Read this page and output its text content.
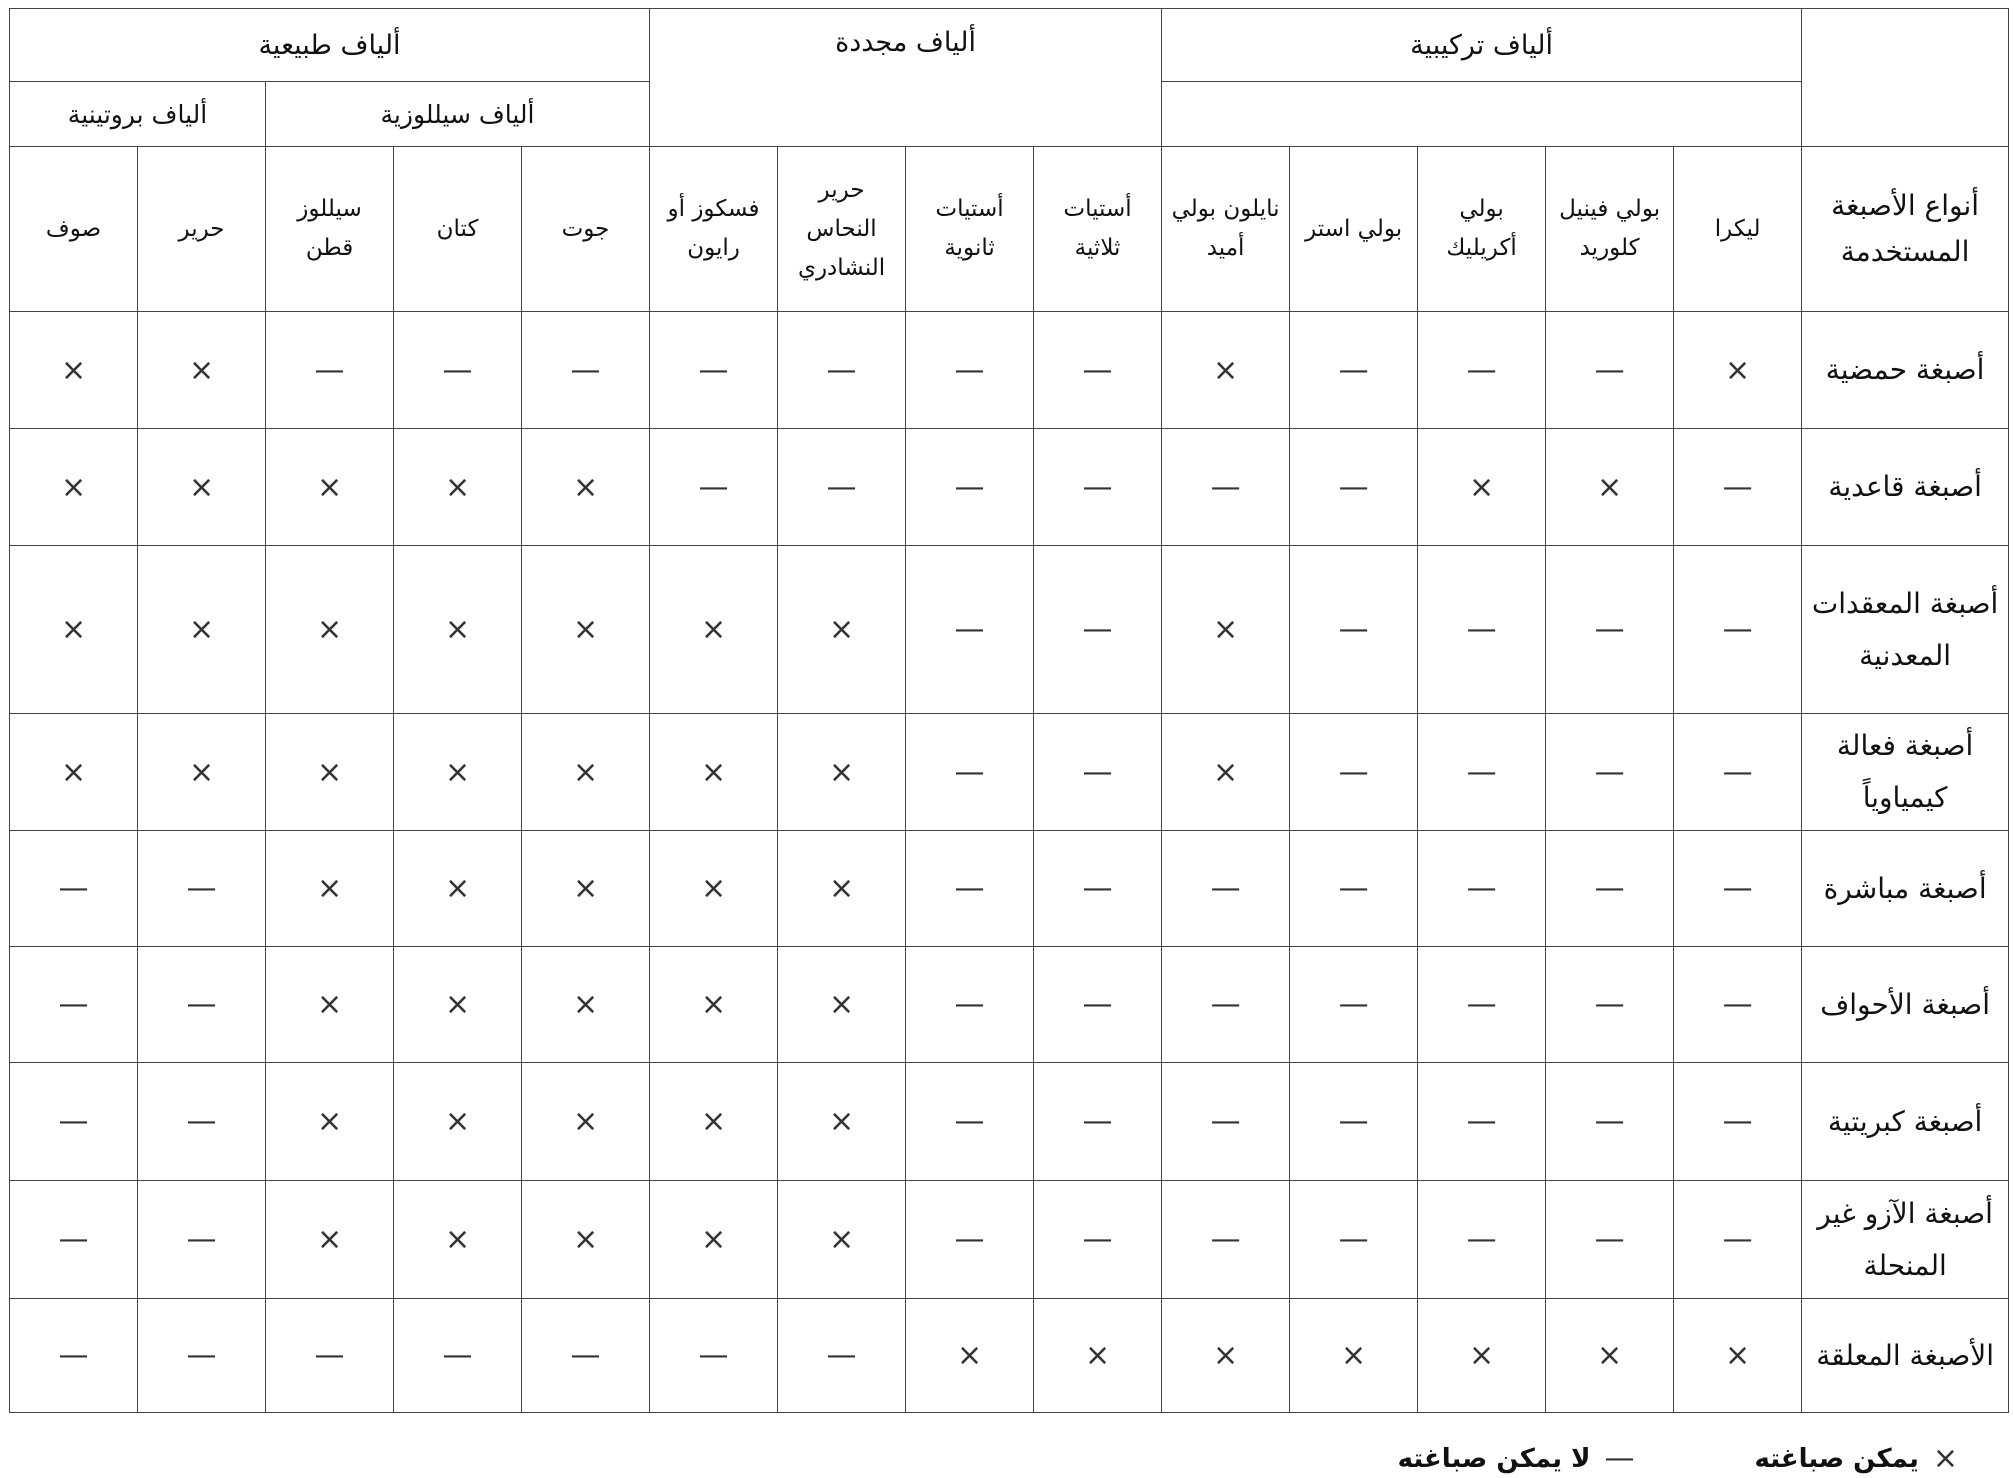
	ألياف تركيبية					ألياف مجددة				ألياف طبيعية				
										ألياف سيللوزية			ألياف بروتينية	
أنواع الأصبغة المستخدمة	ليكرا	بولي فينيل كلوريد	بولي أكريليك	بولي استر	نايلون بولي أميد	أستيات ثلاثية	أستيات ثانوية	حرير النحاس النشادري	فسكوز أو رايون	جوت	كتان	سيللوز قطن	حرير	صوف
أصبغة حمضية	×	—	—	—	×	—	—	—	—	—	—	—	×	×
أصبغة قاعدية	—	×	×	—	—	—	—	—	—	×	×	×	×	×
أصبغة المعقدات المعدنية	—	—	—	—	×	—	—	×	×	×	×	×	×	×
أصبغة فعالة كيمياوياً	—	—	—	—	×	—	—	×	×	×	×	×	×	×
أصبغة مباشرة	—	—	—	—	—	—	—	×	×	×	×	×	—	—
أصبغة الأحواف	—	—	—	—	—	—	—	×	×	×	×	×	—	—
أصبغة كبريتية	—	—	—	—	—	—	—	×	×	×	×	×	—	—
أصبغة الآزو غير المنحلة	—	—	—	—	—	—	—	×	×	×	×	×	—	—
الأصبغة المعلقة	×	×	×	×	×	×	×	—	—	—	—	—	—	—
×
يمكن صباغته
—
لا يمكن صباغته
